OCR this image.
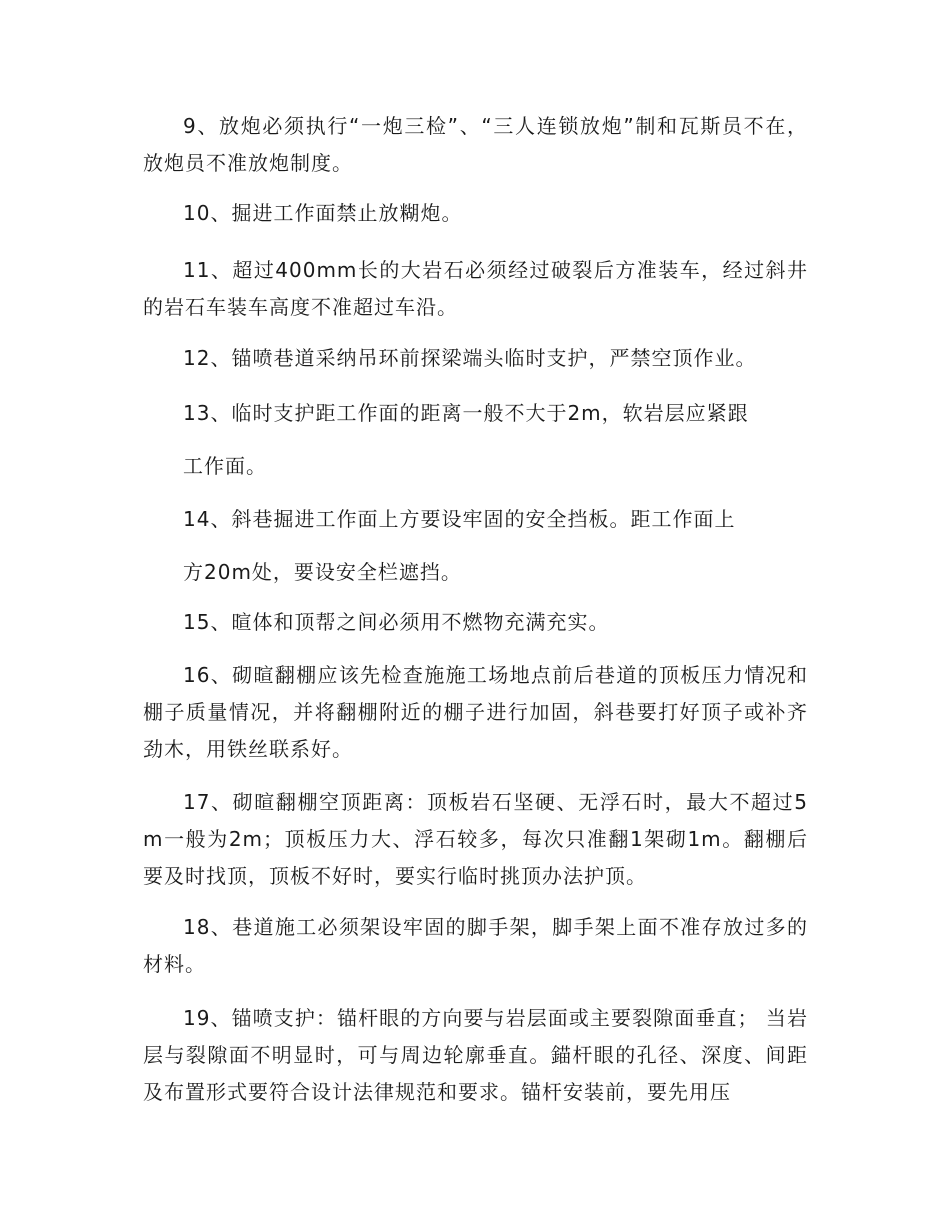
9、放炮必须执行“一炮三检”、“三人连锁放炮”制和瓦斯员不在，放炮员不准放炮制度。

10、掘进工作面禁止放糊炮。

11、超过400mm长的大岩石必须经过破裂后方准装车，经过斜井的岩石车装车高度不准超过车沿。

12、锚喷巷道采纳吊环前探梁端头临时支护，严禁空顶作业。

13、临时支护距工作面的距离一般不大于2m，软岩层应紧跟

工作面。

14、斜巷掘进工作面上方要设牢固的安全挡板。距工作面上

方20m处，要设安全栏遮挡。

15、暄体和顶帮之间必须用不燃物充满充实。

16、砌暄翻棚应该先检查施施工场地点前后巷道的顶板压力情况和棚子质量情况，并将翻棚附近的棚子进行加固，斜巷要打好顶子或补齐劲木，用铁丝联系好。

17、砌暄翻棚空顶距离：顶板岩石坚硬、无浮石时，最大不超过5m一般为2m；顶板压力大、浮石较多，每次只准翻1架砌1m。翻棚后要及时找顶，顶板不好时，要实行临时挑顶办法护顶。

18、巷道施工必须架设牢固的脚手架，脚手架上面不准存放过多的材料。

19、锚喷支护：锚杆眼的方向要与岩层面或主要裂隙面垂直； 当岩层与裂隙面不明显时，可与周边轮廓垂直。錨杆眼的孔径、深度、间距及布置形式要符合设计法律规范和要求。锚杆安装前，要先用压
